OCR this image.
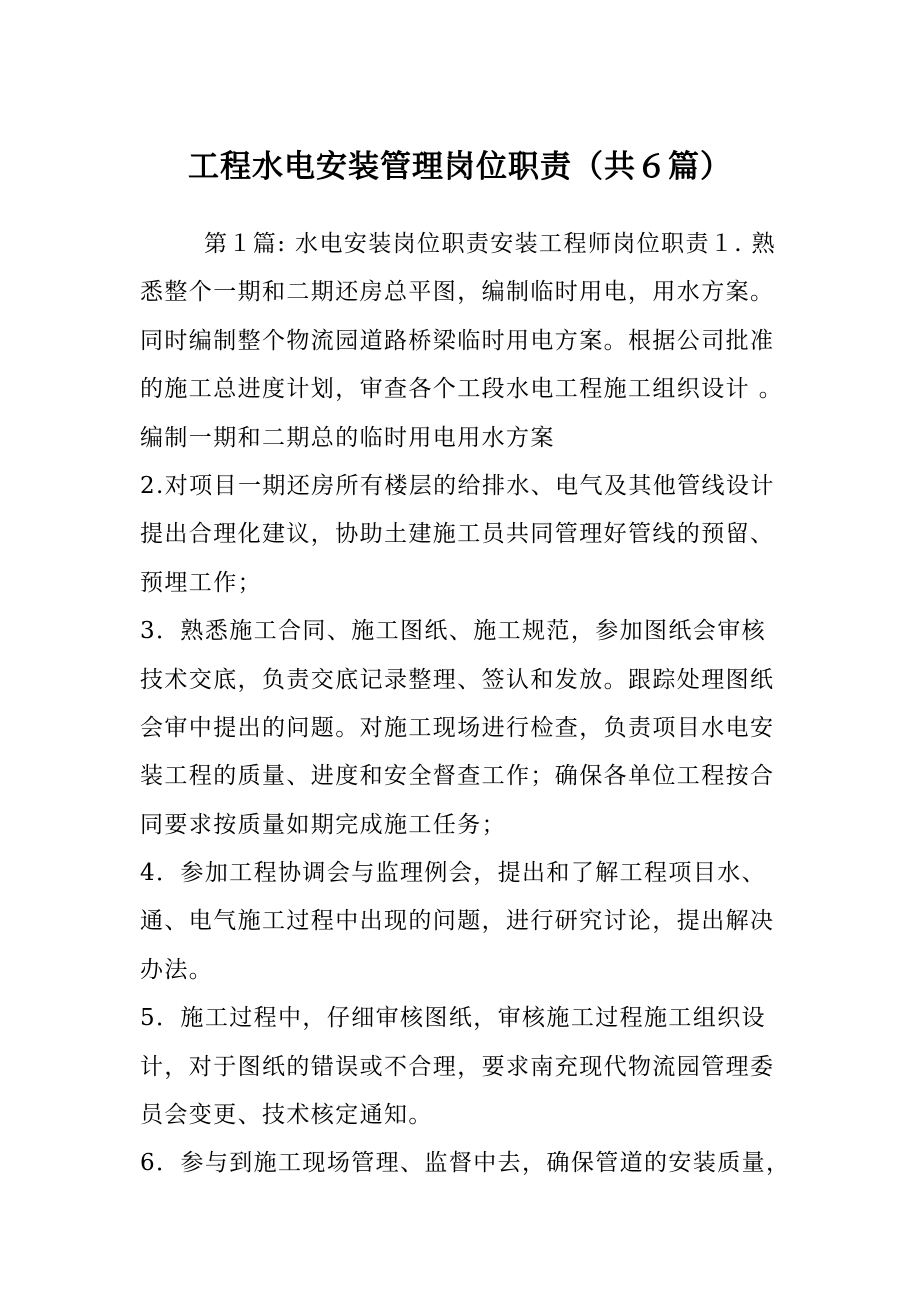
工程水电安装管理岗位职责（共６篇）
第１篇: 水电安装岗位职责安装工程师岗位职责１. 熟
悉整个一期和二期还房总平图，编制临时用电，用水方案。
同时编制整个物流园道路桥梁临时用电方案。根据公司批准
的施工总进度计划，审查各个工段水电工程施工组织设计 。
编制一期和二期总的临时用电用水方案
2.对项目一期还房所有楼层的给排水、电气及其他管线设计
提出合理化建议，协助土建施工员共同管理好管线的预留、
预埋工作；
3．熟悉施工合同、施工图纸、施工规范，参加图纸会审核
技术交底，负责交底记录整理、签认和发放。跟踪处理图纸
会审中提出的问题。对施工现场进行检查，负责项目水电安
装工程的质量、进度和安全督查工作；确保各单位工程按合
同要求按质量如期完成施工任务；
4．参加工程协调会与监理例会，提出和了解工程项目水、
通、电气施工过程中出现的问题，进行研究讨论，提出解决
办法。
5．施工过程中，仔细审核图纸，审核施工过程施工组织设
计，对于图纸的错误或不合理，要求南充现代物流园管理委
员会变更、技术核定通知。
6．参与到施工现场管理、监督中去，确保管道的安装质量，
